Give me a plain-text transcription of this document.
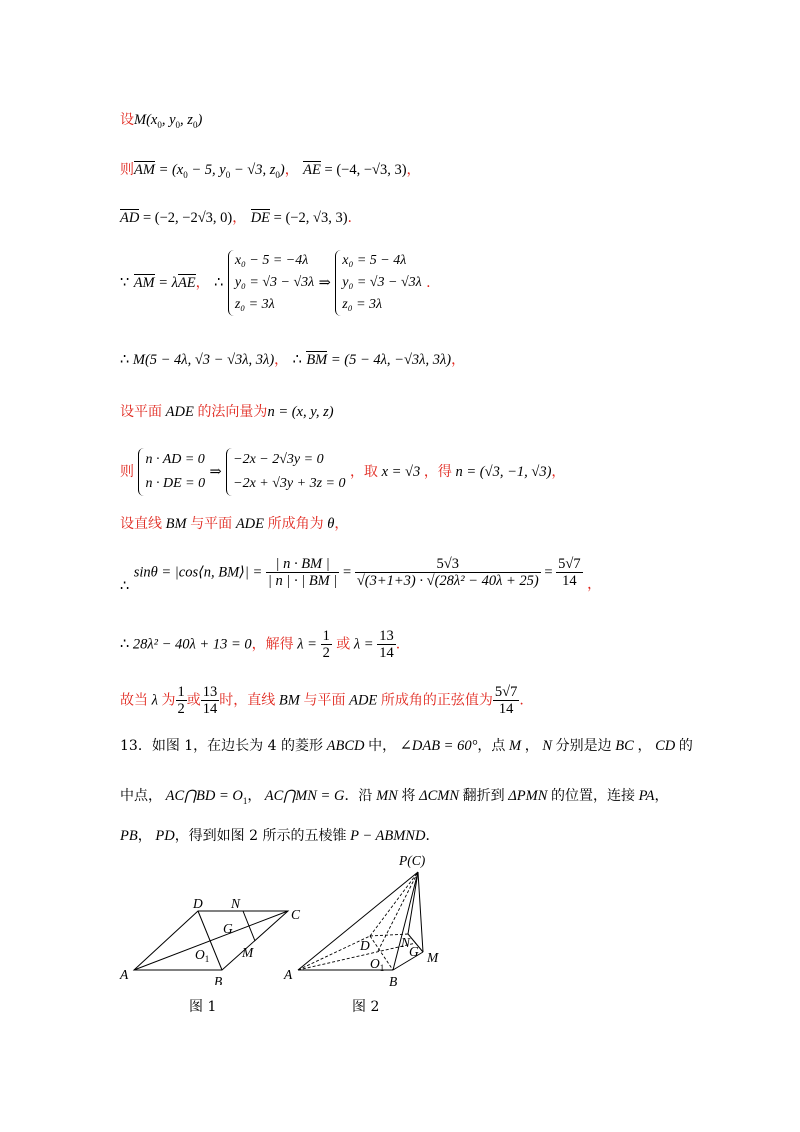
设$M(x_0$, $y_0$, $z_0$)
则AM = ($x_0 - 5$, $y_0 - √3$, $z_0$)， AE = (−4, −√3, 3)，
AD = (−2, −2√3, 0)， DE = (−2, √3, 3).
∵ AM = λAE， ∴
x₀ − 5 = −4λ
y₀ = √3 − √3λ
z₀ = 3λ
⇒
x₀ = 5 − 4λ
y₀ = √3 − √3λ
z₀ = 3λ
.
∴ M(5 − 4λ, √3 − √3λ, 3λ)， ∴ BM = (5 − 4λ, −√3λ, 3λ)，
设平面 ADE 的法向量为n = (x, y, z)
则
n · AD = 0
n · DE = 0
⇒
−2x − 2√3y = 0
−2x + √3y + 3z = 0
，取 x = √3 ，得 n = (√3, −1, √3)，
设直线 BM 与平面 ADE 所成角为 θ，
∴ sinθ = |cos⟨n, BM⟩| = $\frac{| n \cdot BM |}{| n | \cdot | BM |} = \frac{5√3}{\text{√(3+1+3) · √(28λ² − 40λ + 25)}} = \frac{5√7}{14}$ ，
∴ 28λ² − 40λ + 13 = 0，解得 $\lambda = \frac{1}{2}$ 或 $\lambda = \frac{13}{14}$ .
故当 λ 为 $\frac{1}{2}$ 或 $\frac{13}{14}$ 时，直线 BM 与平面 ADE 所成角的正弦值为 $\frac{5√7}{14}$ .
13．如图 1，在边长为 4 的菱形 ABCD 中， ∠DAB = 60°，点 M ， N 分别是边 BC ， CD 的
中点， AC⋂BD = $O_1$， AC⋂MN = G．沿 MN 将 ΔCMN 翻折到 ΔPMN 的位置，连接 PA，
PB， PD，得到如图 2 所示的五棱锥 P − ABMND．
A	B
C
D N
G
M
$O_1$
图 1
P(C)
A	B
D N
G M
$O_1$
图 2
